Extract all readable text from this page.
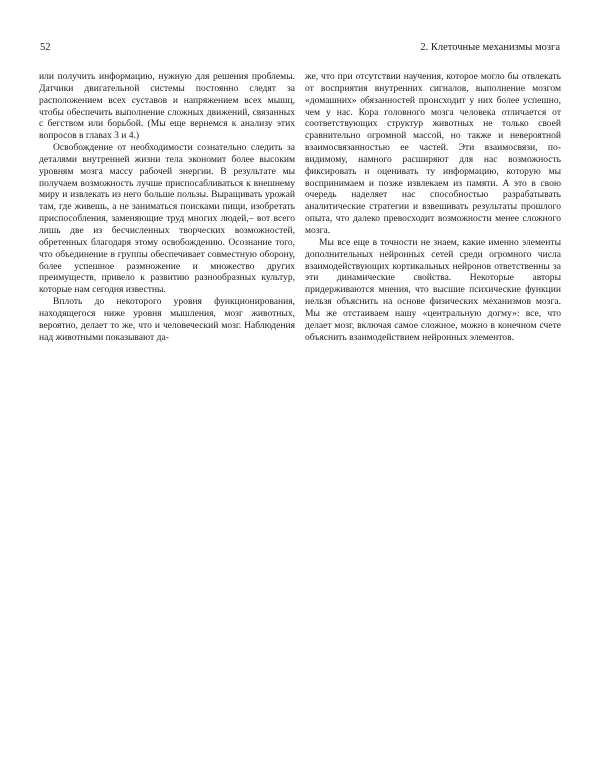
52	2. Клеточные механизмы мозга

или получить информацию, нужную для решения проблемы. Датчики двигательной системы постоянно следят за расположением всех суставов и напряжением всех мышц, чтобы обеспечить выполнение сложных движений, связанных с бегством или борьбой. (Мы еще вернемся к анализу этих вопросов в главах 3 и 4.)

Освобождение от необходимости сознательно следить за деталями внутренней жизни тела экономит более высоким уровням мозга массу рабочей энергии. В результате мы получаем возможность лучше приспосабливаться к внешнему миру и извлекать из него больше пользы. Выращивать урожай там, где живешь, а не заниматься поисками пищи, изобретать приспособления, заменяющие труд многих людей,– вот всего лишь две из бесчисленных творческих возможностей, обретенных благодаря этому освобождению. Осознание того, что объединение в группы обеспечивает совместную оборону, более успешное размножение и множество других преимуществ, привело к развитию разнообразных культур, которые нам сегодня известны.

Вплоть до некоторого уровня функционирования, находящегося ниже уровня мышления, мозг животных, вероятно, делает то же, что и человеческий мозг. Наблюдения над животными показывают да-

же, что при отсутствии научения, которое могло бы отвлекать от восприятия внутренних сигналов, выполнение мозгом «домашних» обязанностей происходит у них более успешно, чем у нас. Кора головного мозга человека отличается от соответствующих структур животных не только своей сравнительно огромной массой, но также и невероятной взаимосвязанностью ее частей. Эти взаимосвязи, по-видимому, намного расширяют для нас возможность фиксировать и оценивать ту информацию, которую мы воспринимаем и позже извлекаем из памяти. А это в свою очередь наделяет нас способностью разрабатывать аналитические стратегии и взвешивать результаты прошлого опыта, что далеко превосходит возможности менее сложного мозга.

Мы все еще в точности не знаем, какие именно элементы дополнительных нейронных сетей среди огромного числа взаимодействующих кортикальных нейронов ответственны за эти динамические свойства. Некоторые авторы придерживаются мнения, что высшие психические функции нельзя объяснить на основе физических механизмов мозга. Мы же отстаиваем нашу «центральную догму»: все, что делает мозг, включая самое сложное, можно в конечном счете объяснить взаимодействием нейронных элементов.
